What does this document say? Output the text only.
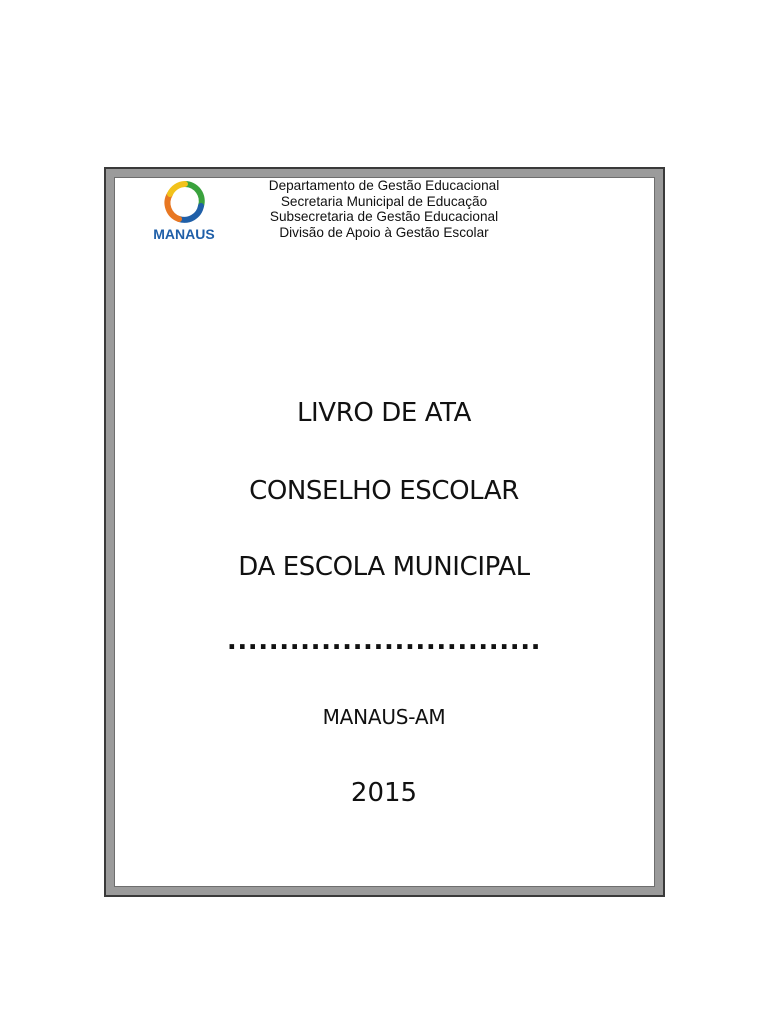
MANAUS
Departamento de Gestão Educacional
Secretaria Municipal de Educação
Subsecretaria de Gestão Educacional
Divisão de Apoio à Gestão Escolar
LIVRO DE ATA
CONSELHO ESCOLAR
DA ESCOLA MUNICIPAL
..............................
MANAUS-AM
2015
